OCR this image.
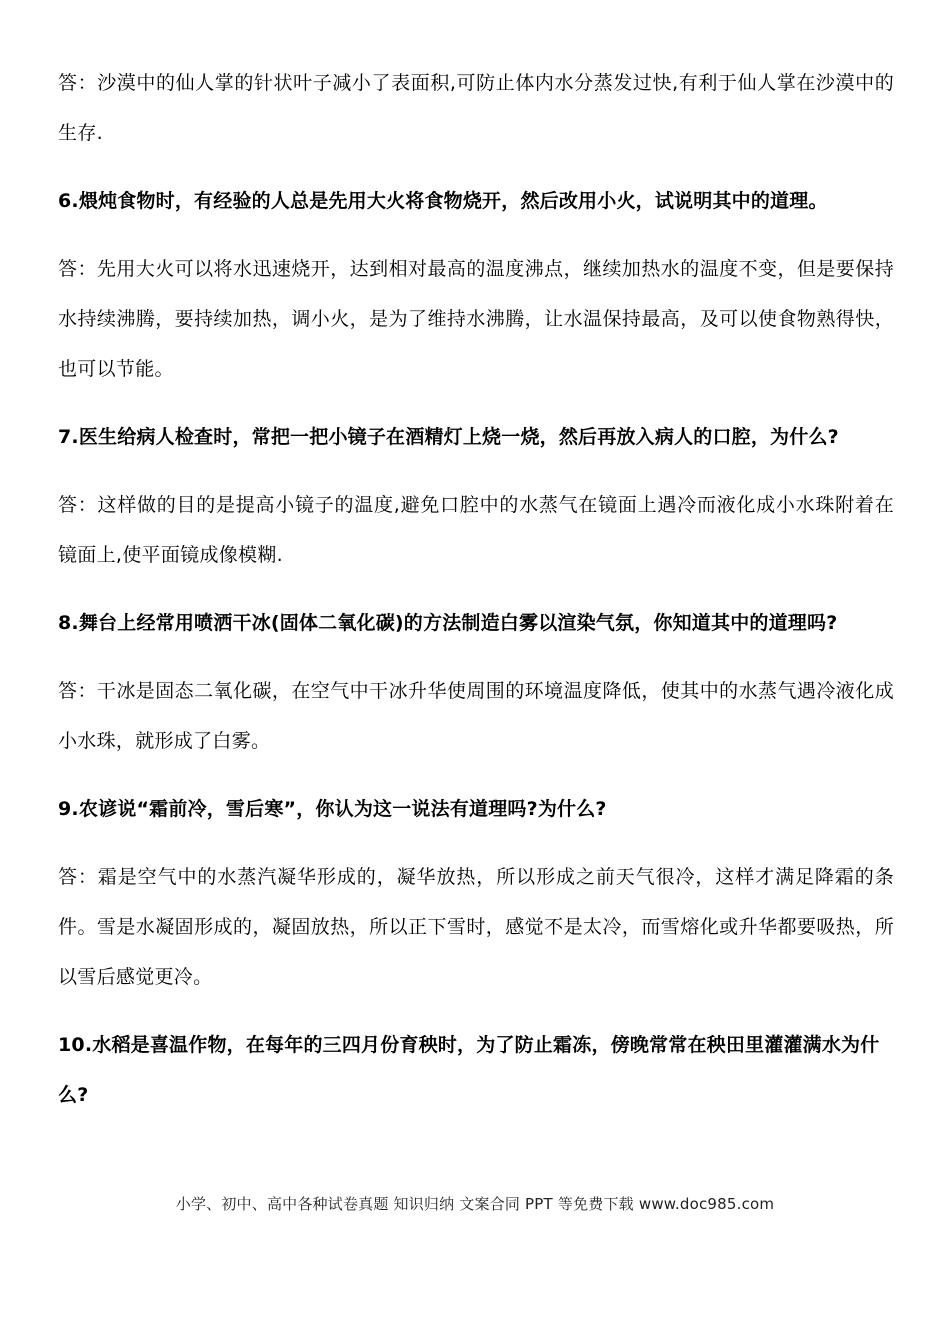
答：沙漠中的仙人掌的针状叶子减小了表面积,可防止体内水分蒸发过快,有利于仙人掌在沙漠中的生存.

6.煨炖食物时，有经验的人总是先用大火将食物烧开，然后改用小火，试说明其中的道理。

答：先用大火可以将水迅速烧开，达到相对最高的温度沸点，继续加热水的温度不变，但是要保持水持续沸腾，要持续加热，调小火，是为了维持水沸腾，让水温保持最高，及可以使食物熟得快，也可以节能。

7.医生给病人检查时，常把一把小镜子在酒精灯上烧一烧，然后再放入病人的口腔，为什么?

答：这样做的目的是提高小镜子的温度,避免口腔中的水蒸气在镜面上遇冷而液化成小水珠附着在镜面上,使平面镜成像模糊.

8.舞台上经常用喷洒干冰(固体二氧化碳)的方法制造白雾以渲染气氛，你知道其中的道理吗?

答：干冰是固态二氧化碳，在空气中干冰升华使周围的环境温度降低，使其中的水蒸气遇冷液化成小水珠，就形成了白雾。

9.农谚说“霜前冷，雪后寒”，你认为这一说法有道理吗?为什么?

答：霜是空气中的水蒸汽凝华形成的，凝华放热，所以形成之前天气很冷，这样才满足降霜的条件。雪是水凝固形成的，凝固放热，所以正下雪时，感觉不是太冷，而雪熔化或升华都要吸热，所以雪后感觉更冷。

10.水稻是喜温作物，在每年的三四月份育秧时，为了防止霜冻，傍晚常常在秧田里灌灌满水为什么?

小学、初中、高中各种试卷真题 知识归纳 文案合同 PPT 等免费下载 www.doc985.com
